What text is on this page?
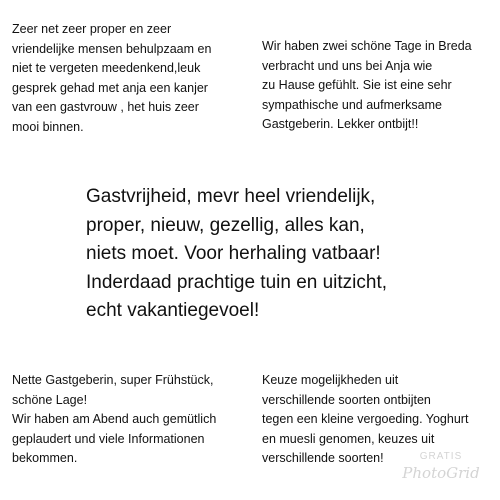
Zeer net zeer proper en zeer
vriendelijke mensen behulpzaam en
niet te vergeten meedenkend,leuk
gesprek gehad met anja een kanjer
van een gastvrouw , het huis zeer
mooi binnen.

Wir haben zwei schöne Tage in Breda
verbracht und uns bei Anja wie
zu Hause gefühlt. Sie ist eine sehr
sympathische und aufmerksame
Gastgeberin. Lekker ontbijt!!

Gastvrijheid, mevr heel vriendelijk,
proper, nieuw, gezellig, alles kan,
niets moet. Voor herhaling vatbaar!
Inderdaad prachtige tuin en uitzicht,
echt vakantiegevoel!

Nette Gastgeberin, super Frühstück,
schöne Lage!
Wir haben am Abend auch gemütlich
geplaudert und viele Informationen
bekommen.

Keuze mogelijkheden uit
verschillende soorten ontbijten
tegen een kleine vergoeding. Yoghurt
en muesli genomen, keuzes uit
verschillende soorten!	GRATIS
PhotoGrid
